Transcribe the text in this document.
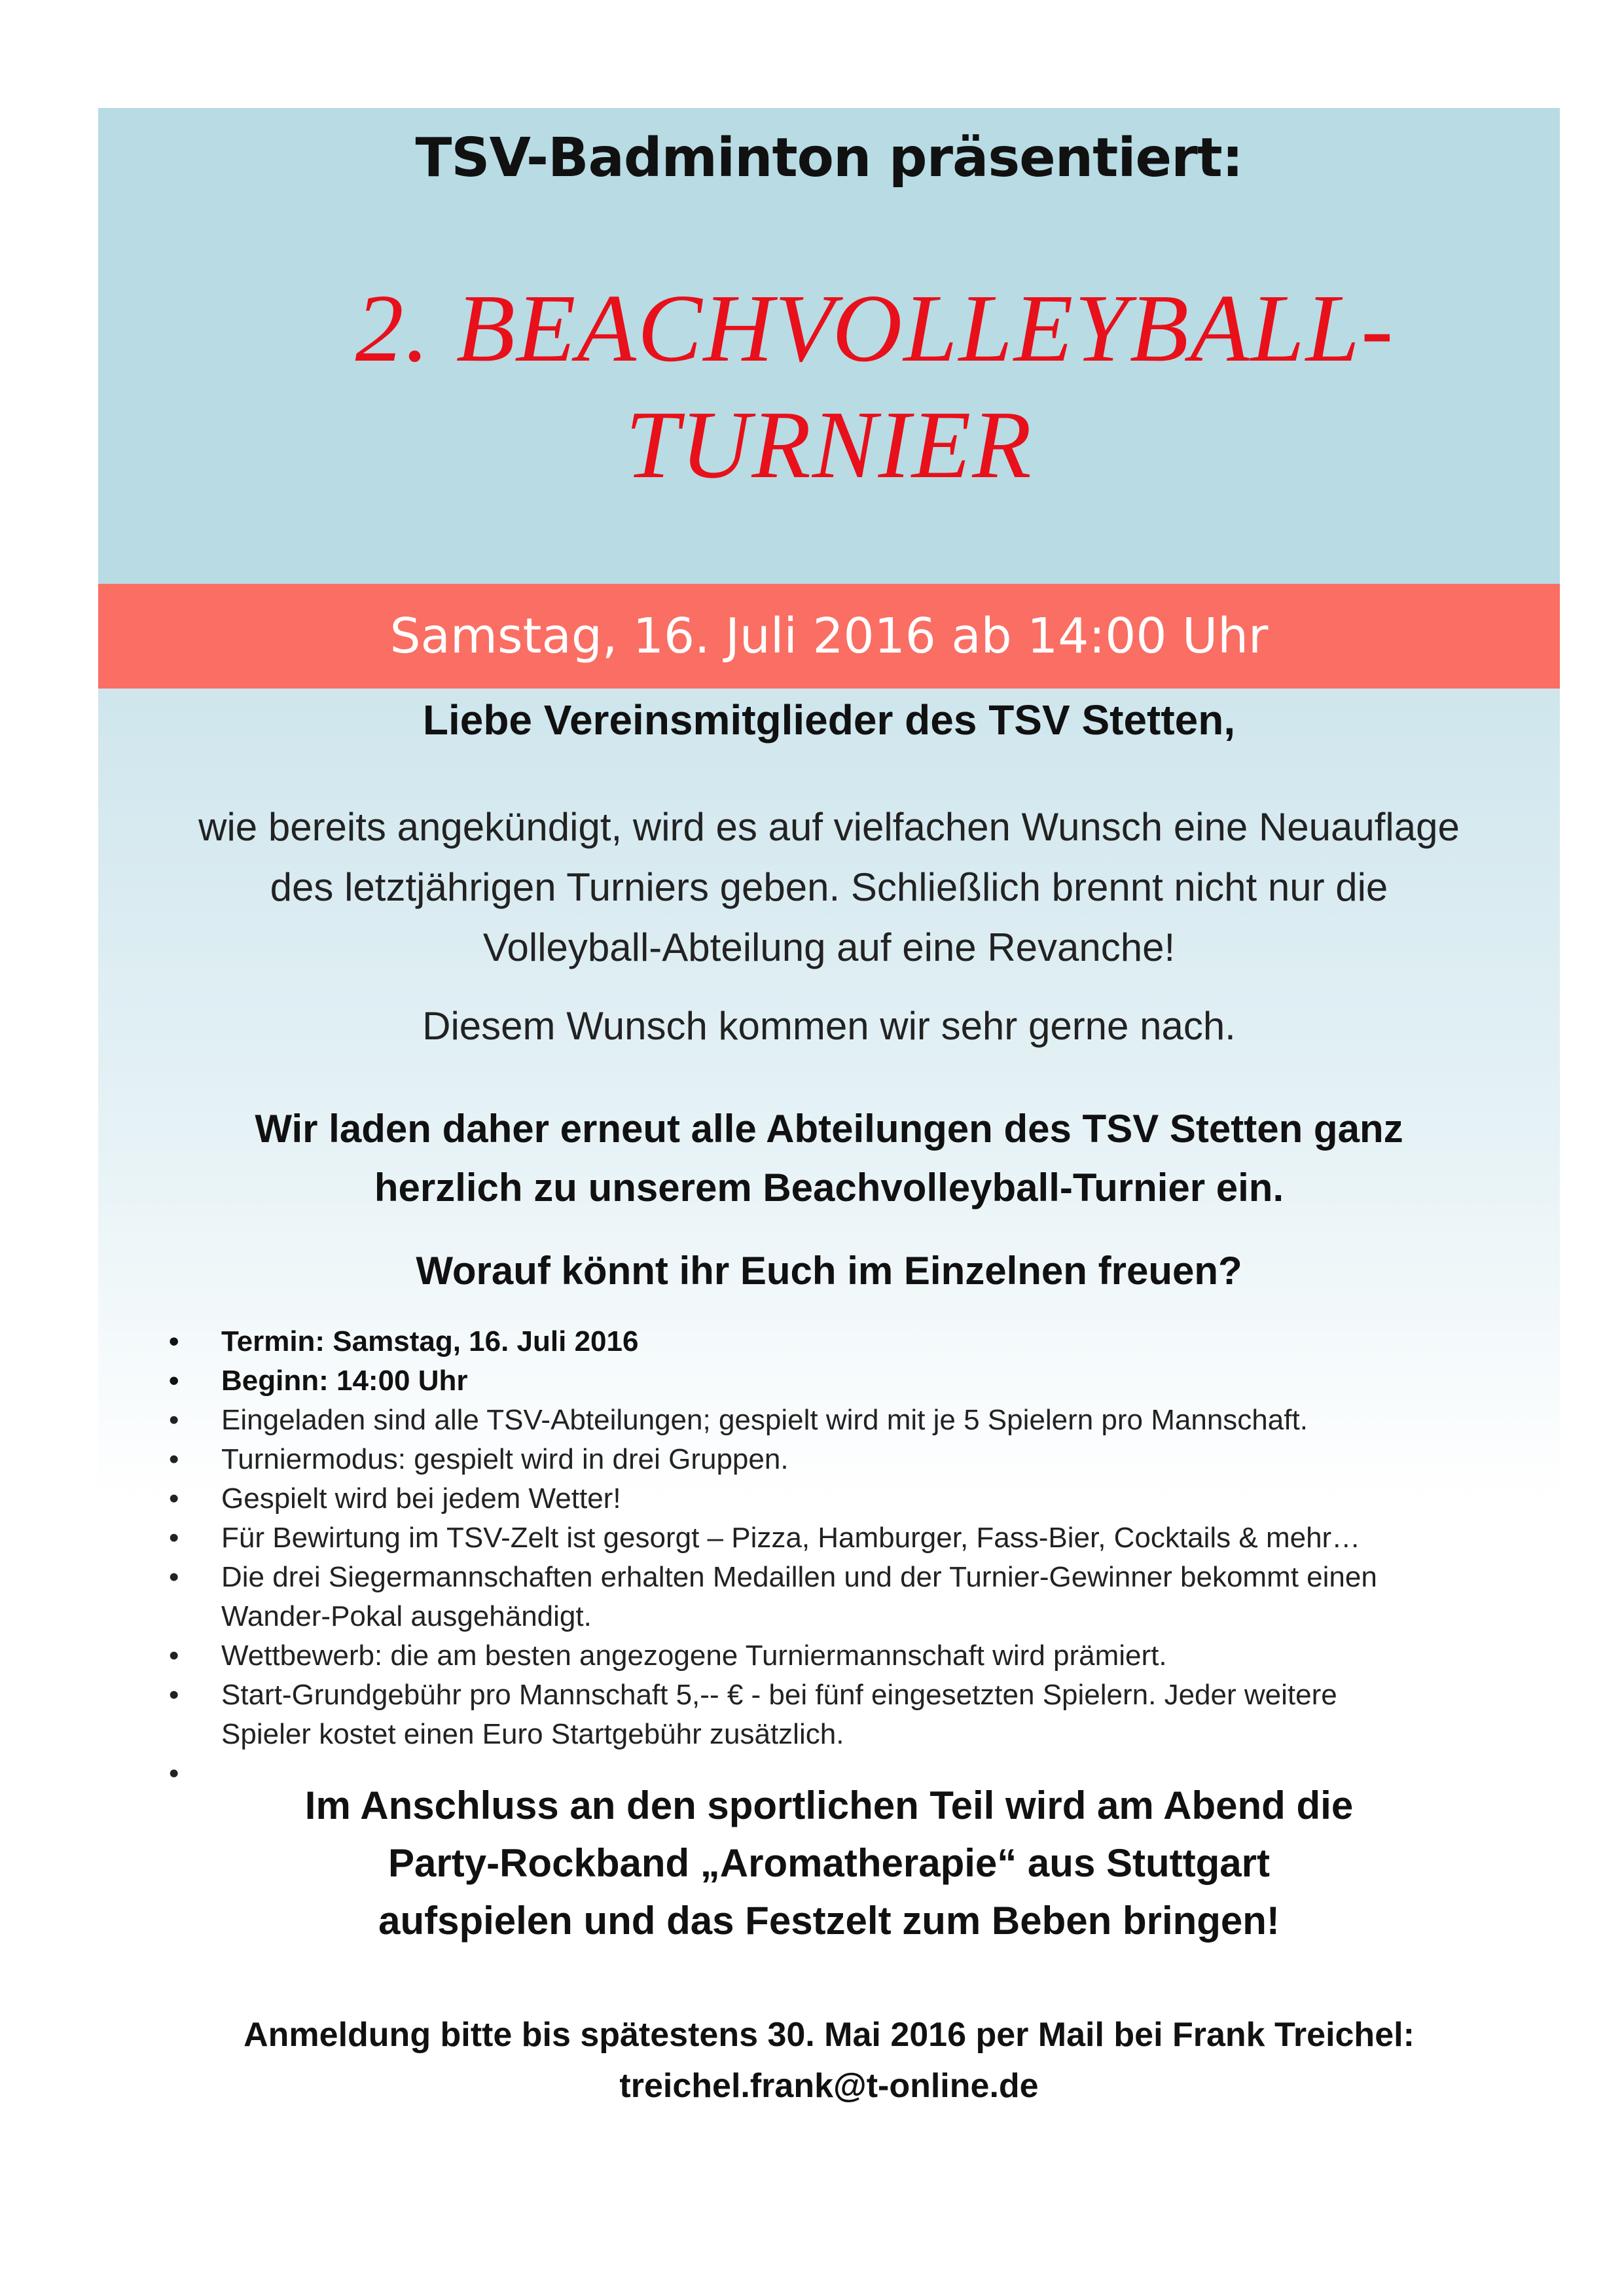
TSV-Badminton präsentiert:
2. BEACHVOLLEYBALL-
TURNIER
Samstag, 16. Juli 2016 ab 14:00 Uhr
Liebe Vereinsmitglieder des TSV Stetten,
wie bereits angekündigt, wird es auf vielfachen Wunsch eine Neuauflage
des letztjährigen Turniers geben. Schließlich brennt nicht nur die
Volleyball-Abteilung auf eine Revanche!
Diesem Wunsch kommen wir sehr gerne nach.
Wir laden daher erneut alle Abteilungen des TSV Stetten ganz
herzlich zu unserem Beachvolleyball-Turnier ein.
Worauf könnt ihr Euch im Einzelnen freuen?
Im Anschluss an den sportlichen Teil wird am Abend die
Party-Rockband „Aromatherapie“ aus Stuttgart
aufspielen und das Festzelt zum Beben bringen!
Anmeldung bitte bis spätestens 30. Mai 2016 per Mail bei Frank Treichel:
treichel.frank@t-online.de
• Termin: Samstag, 16. Juli 2016
• Beginn: 14:00 Uhr
• Eingeladen sind alle TSV-Abteilungen; gespielt wird mit je 5 Spielern pro Mannschaft.
• Turniermodus: gespielt wird in drei Gruppen.
• Gespielt wird bei jedem Wetter!
• Für Bewirtung im TSV-Zelt ist gesorgt – Pizza, Hamburger, Fass-Bier, Cocktails & mehr…
• Die drei Siegermannschaften erhalten Medaillen und der Turnier-Gewinner bekommt einen
Wander-Pokal ausgehändigt.
• Wettbewerb: die am besten angezogene Turniermannschaft wird prämiert.
• Start-Grundgebühr pro Mannschaft 5,-- € - bei fünf eingesetzten Spielern. Jeder weitere
Spieler kostet einen Euro Startgebühr zusätzlich.
•
